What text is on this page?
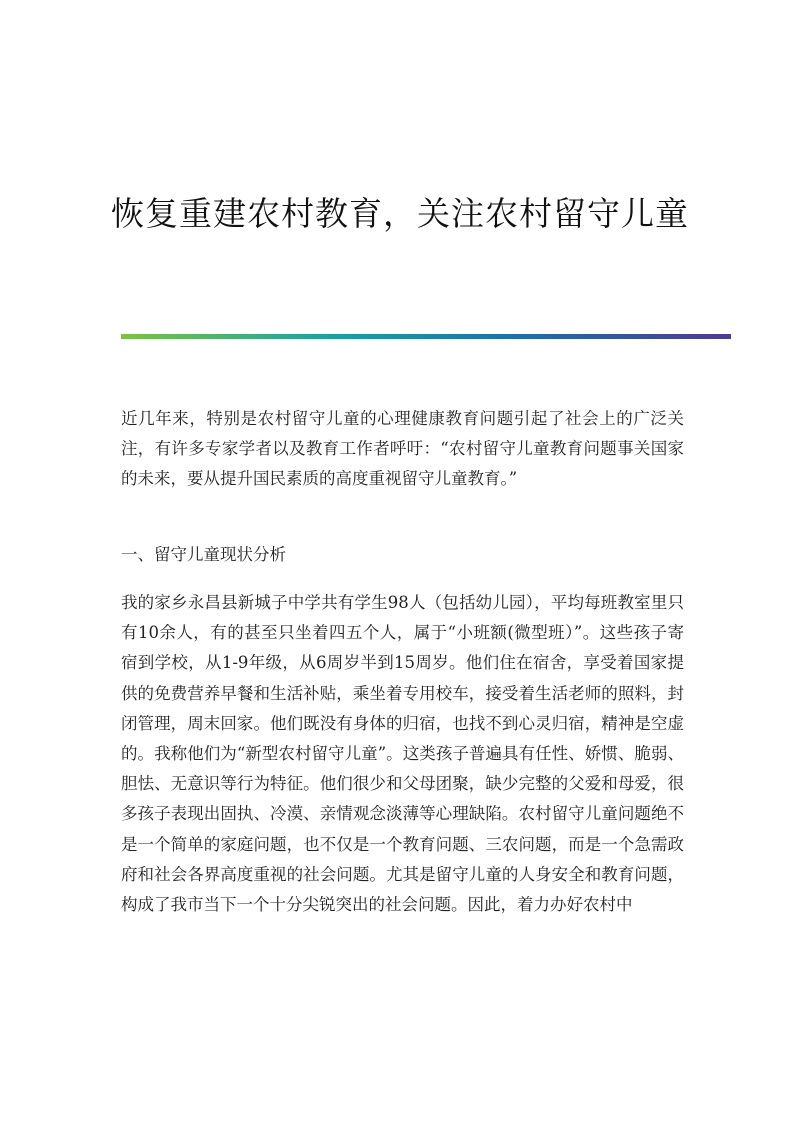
恢复重建农村教育，关注农村留守儿童

近几年来，特别是农村留守儿童的心理健康教育问题引起了社会上的广泛关注，有许多专家学者以及教育工作者呼吁：“农村留守儿童教育问题事关国家的未来，要从提升国民素质的高度重视留守儿童教育。”

一、留守儿童现状分析

我的家乡永昌县新城子中学共有学生98人（包括幼儿园），平均每班教室里只有10余人，有的甚至只坐着四五个人，属于“小班额(微型班）”。这些孩子寄宿到学校，从1-9年级，从6周岁半到15周岁。他们住在宿舍，享受着国家提供的免费营养早餐和生活补贴，乘坐着专用校车，接受着生活老师的照料，封闭管理，周末回家。他们既没有身体的归宿，也找不到心灵归宿，精神是空虚的。我称他们为“新型农村留守儿童”。这类孩子普遍具有任性、娇惯、脆弱、胆怯、无意识等行为特征。他们很少和父母团聚，缺少完整的父爱和母爱，很多孩子表现出固执、冷漠、亲情观念淡薄等心理缺陷。农村留守儿童问题绝不是一个简单的家庭问题，也不仅是一个教育问题、三农问题，而是一个急需政府和社会各界高度重视的社会问题。尤其是留守儿童的人身安全和教育问题，构成了我市当下一个十分尖锐突出的社会问题。因此，着力办好农村中
